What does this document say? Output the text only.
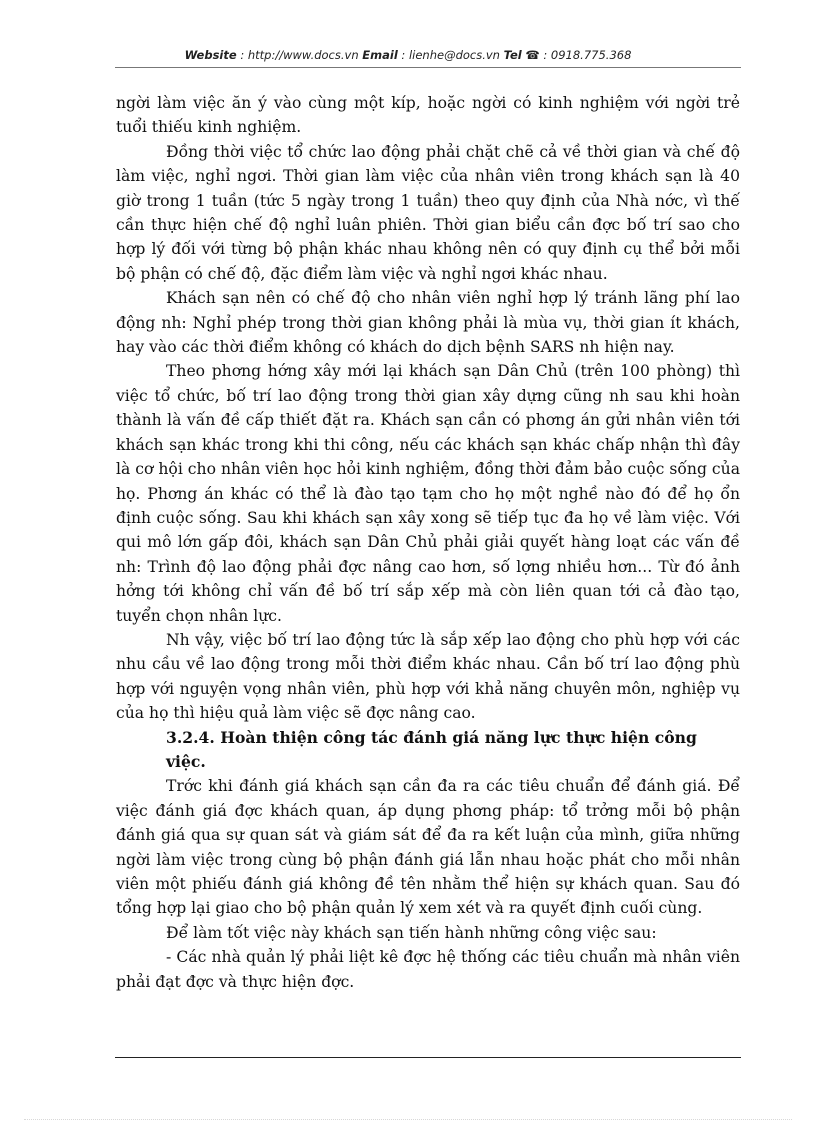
Website : http://www.docs.vn Email : lienhe@docs.vn Tel ☎ : 0918.775.368

ngời làm việc ăn ý vào cùng một kíp, hoặc ngời có kinh nghiệm với ngời trẻ tuổi thiếu kinh nghiệm.

Đồng thời việc tổ chức lao động phải chặt chẽ cả về thời gian và chế độ làm việc, nghỉ ngơi. Thời gian làm việc của nhân viên trong khách sạn là 40 giờ trong 1 tuần (tức 5 ngày trong 1 tuần) theo quy định của Nhà nớc, vì thế cần thực hiện chế độ nghỉ luân phiên. Thời gian biểu cần đợc bố trí sao cho hợp lý đối với từng bộ phận khác nhau không nên có quy định cụ thể bởi mỗi bộ phận có chế độ, đặc điểm làm việc và nghỉ ngơi khác nhau.

Khách sạn nên có chế độ cho nhân viên nghỉ hợp lý tránh lãng phí lao động nh: Nghỉ phép trong thời gian không phải là mùa vụ, thời gian ít khách, hay vào các thời điểm không có khách do dịch bệnh SARS nh hiện nay.

Theo phơng hớng xây mới lại khách sạn Dân Chủ (trên 100 phòng) thì việc tổ chức, bố trí lao động trong thời gian xây dựng cũng nh sau khi hoàn thành là vấn đề cấp thiết đặt ra. Khách sạn cần có phơng án gửi nhân viên tới khách sạn khác trong khi thi công, nếu các khách sạn khác chấp nhận thì đây là cơ hội cho nhân viên học hỏi kinh nghiệm, đồng thời đảm bảo cuộc sống của họ. Phơng án khác có thể là đào tạo tạm cho họ một nghề nào đó để họ ổn định cuộc sống. Sau khi khách sạn xây xong sẽ tiếp tục đa họ về làm việc. Với qui mô lớn gấp đôi, khách sạn Dân Chủ phải giải quyết hàng loạt các vấn đề nh: Trình độ lao động phải đợc nâng cao hơn, số lợng nhiều hơn... Từ đó ảnh hởng tới không chỉ vấn đề bố trí sắp xếp mà còn liên quan tới cả đào tạo, tuyển chọn nhân lực.

Nh vậy, việc bố trí lao động tức là sắp xếp lao động cho phù hợp với các nhu cầu về lao động trong mỗi thời điểm khác nhau. Cần bố trí lao động phù hợp với nguyện vọng nhân viên, phù hợp với khả năng chuyên môn, nghiệp vụ của họ thì hiệu quả làm việc sẽ đợc nâng cao.

3.2.4. Hoàn thiện công tác đánh giá năng lực thực hiện công việc.

Trớc khi đánh giá khách sạn cần đa ra các tiêu chuẩn để đánh giá. Để việc đánh giá đợc khách quan, áp dụng phơng pháp: tổ trởng mỗi bộ phận đánh giá qua sự quan sát và giám sát để đa ra kết luận của mình, giữa những ngời làm việc trong cùng bộ phận đánh giá lẫn nhau hoặc phát cho mỗi nhân viên một phiếu đánh giá không đề tên nhằm thể hiện sự khách quan. Sau đó tổng hợp lại giao cho bộ phận quản lý xem xét và ra quyết định cuối cùng.

Để làm tốt việc này khách sạn tiến hành những công việc sau:

- Các nhà quản lý phải liệt kê đợc hệ thống các tiêu chuẩn mà nhân viên phải đạt đợc và thực hiện đợc.
